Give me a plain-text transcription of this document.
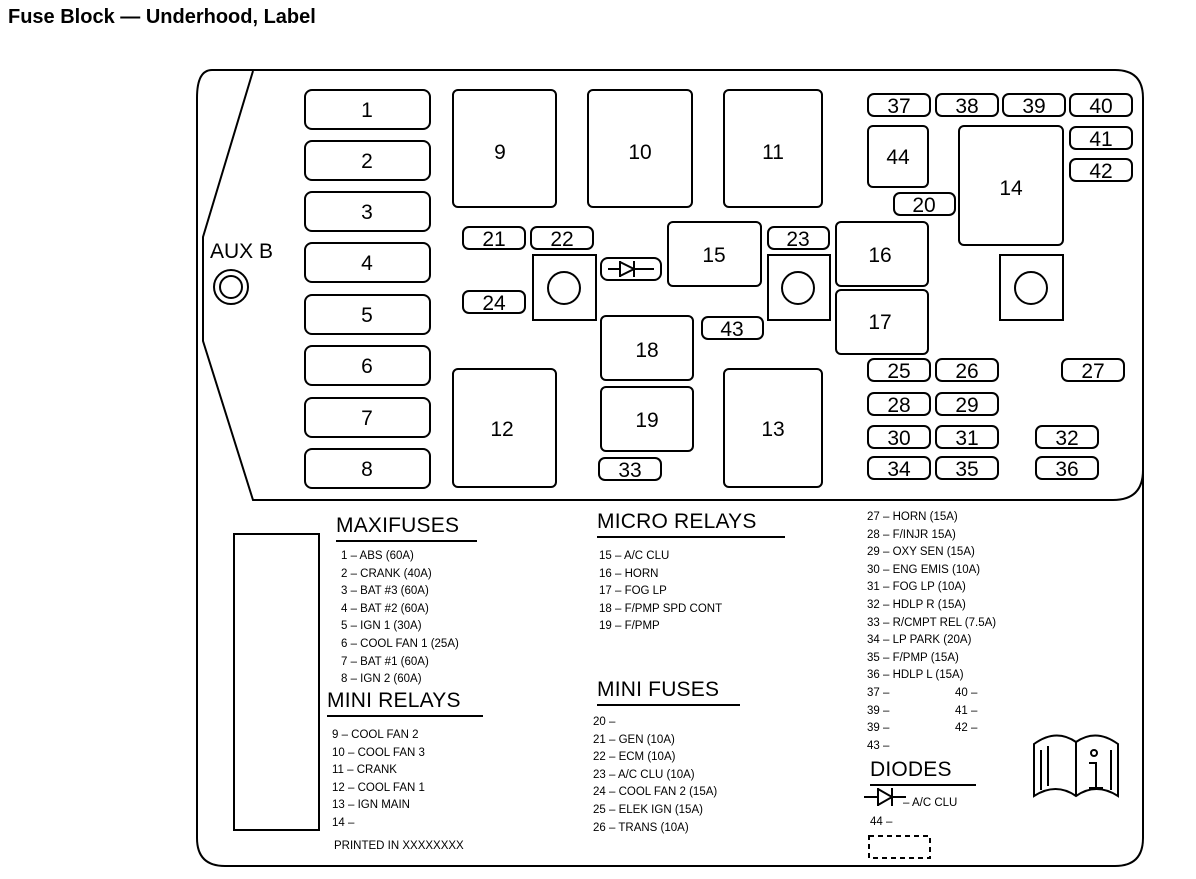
Fuse Block — Underhood, Label
AUX B
1
2
3
4
5
6
7
8
9	10	11
12	13
14
15	16
17
18
19
44
21 22	23
24
43
33
20
37 38 39 40
41
42
25 26	27
28 29
30 31	32
34 35	36
MAXIFUSES
1 – ABS (60A)
2 – CRANK (40A)
3 – BAT #3 (60A)
4 – BAT #2 (60A)
5 – IGN 1 (30A)
6 – COOL FAN 1 (25A)
7 – BAT #1 (60A)
8 – IGN 2 (60A)
MINI RELAYS
9 – COOL FAN 2
10 – COOL FAN 3
11 – CRANK
12 – COOL FAN 1
13 – IGN MAIN
14 –
PRINTED IN XXXXXXXX
MICRO RELAYS
15 – A/C CLU
16 – HORN
17 – FOG LP
18 – F/PMP SPD CONT
19 – F/PMP
MINI FUSES
20 –
21 – GEN (10A)
22 – ECM (10A)
23 – A/C CLU (10A)
24 – COOL FAN 2 (15A)
25 – ELEK IGN (15A)
26 – TRANS (10A)
27 – HORN (15A)
28 – F/INJR 15A)
29 – OXY SEN (15A)
30 – ENG EMIS (10A)
31 – FOG LP (10A)
32 – HDLP R (15A)
33 – R/CMPT REL (7.5A)
34 – LP PARK (20A)
35 – F/PMP (15A)
36 – HDLP L (15A)
37 –
39 –
39 –
43 –
40 –
41 –
42 –
DIODES
– A/C CLU
44 –
